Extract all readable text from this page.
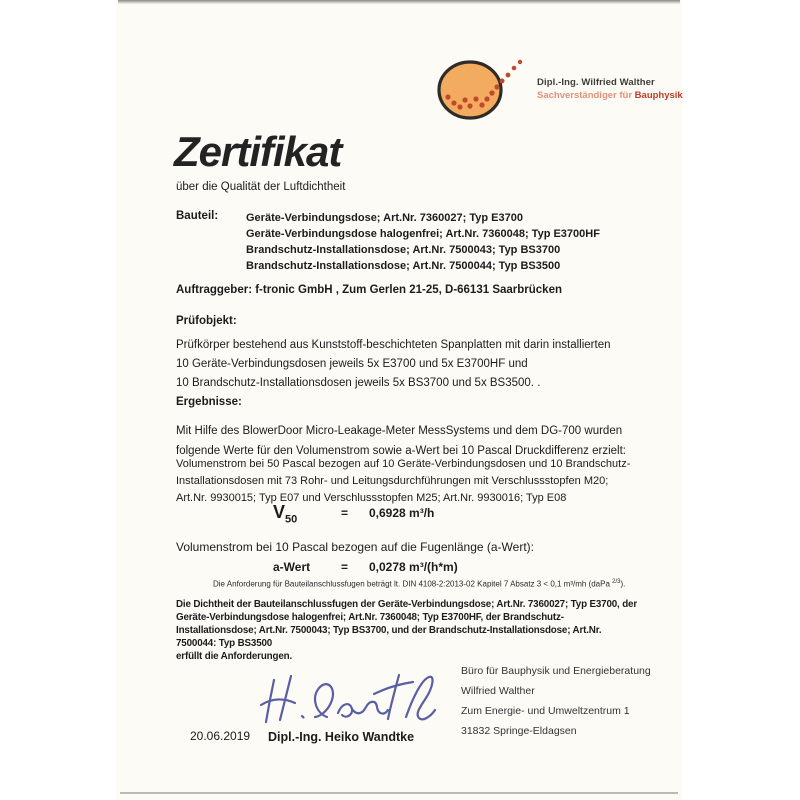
Dipl.-Ing. Wilfried Walther
Sachverständiger für Bauphysik
Zertifikat
über die Qualität der Luftdichtheit
Bauteil:	Geräte-Verbindungsdose; Art.Nr. 7360027; Typ E3700
Geräte-Verbindungsdose halogenfrei; Art.Nr. 7360048; Typ E3700HF
Brandschutz-Installationsdose; Art.Nr. 7500043; Typ BS3700
Brandschutz-Installationsdose; Art.Nr. 7500044; Typ BS3500
Auftraggeber: f-tronic GmbH , Zum Gerlen 21-25, D-66131 Saarbrücken
Prüfobjekt:
Prüfkörper bestehend aus Kunststoff-beschichteten Spanplatten mit darin installierten
10 Geräte-Verbindungsdosen jeweils 5x E3700 und 5x E3700HF und
10 Brandschutz-Installationsdosen jeweils 5x BS3700 und 5x BS3500. .
Ergebnisse:
Mit Hilfe des BlowerDoor Micro-Leakage-Meter MessSystems und dem DG-700 wurden
folgende Werte für den Volumenstrom sowie a-Wert bei 10 Pascal Druckdifferenz erzielt:
Volumenstrom bei 50 Pascal bezogen auf 10 Geräte-Verbindungsdosen und 10 Brandschutz-
Installationsdosen mit 73 Rohr- und Leitungsdurchführungen mit Verschlussstopfen M20;
Art.Nr. 9930015; Typ E07 und Verschlussstopfen M25; Art.Nr. 9930016; Typ E08
$V_{50}$	= 0,6928 m³/h
Volumenstrom bei 10 Pascal bezogen auf die Fugenlänge (a-Wert):
a-Wert	= 0,0278 m³/(h*m)
Die Anforderung für Bauteilanschlussfugen beträgt lt. DIN 4108-2:2013-02 Kapitel 7 Absatz 3 < 0,1 m³/mh (daPa $^{2/3}$).
Die Dichtheit der Bauteilanschlussfugen der Geräte-Verbindungsdose; Art.Nr. 7360027; Typ E3700, der
Geräte-Verbindungsdose halogenfrei; Art.Nr. 7360048; Typ E3700HF, der Brandschutz-
Installationsdose; Art.Nr. 7500043; Typ BS3700, und der Brandschutz-Installationsdose; Art.Nr.
7500044: Typ BS3500
erfüllt die Anforderungen.
Büro für Bauphysik und Energieberatung
Wilfried Walther
Zum Energie- und Umweltzentrum 1
31832 Springe-Eldagsen
20.06.2019 Dipl.-Ing. Heiko Wandtke
